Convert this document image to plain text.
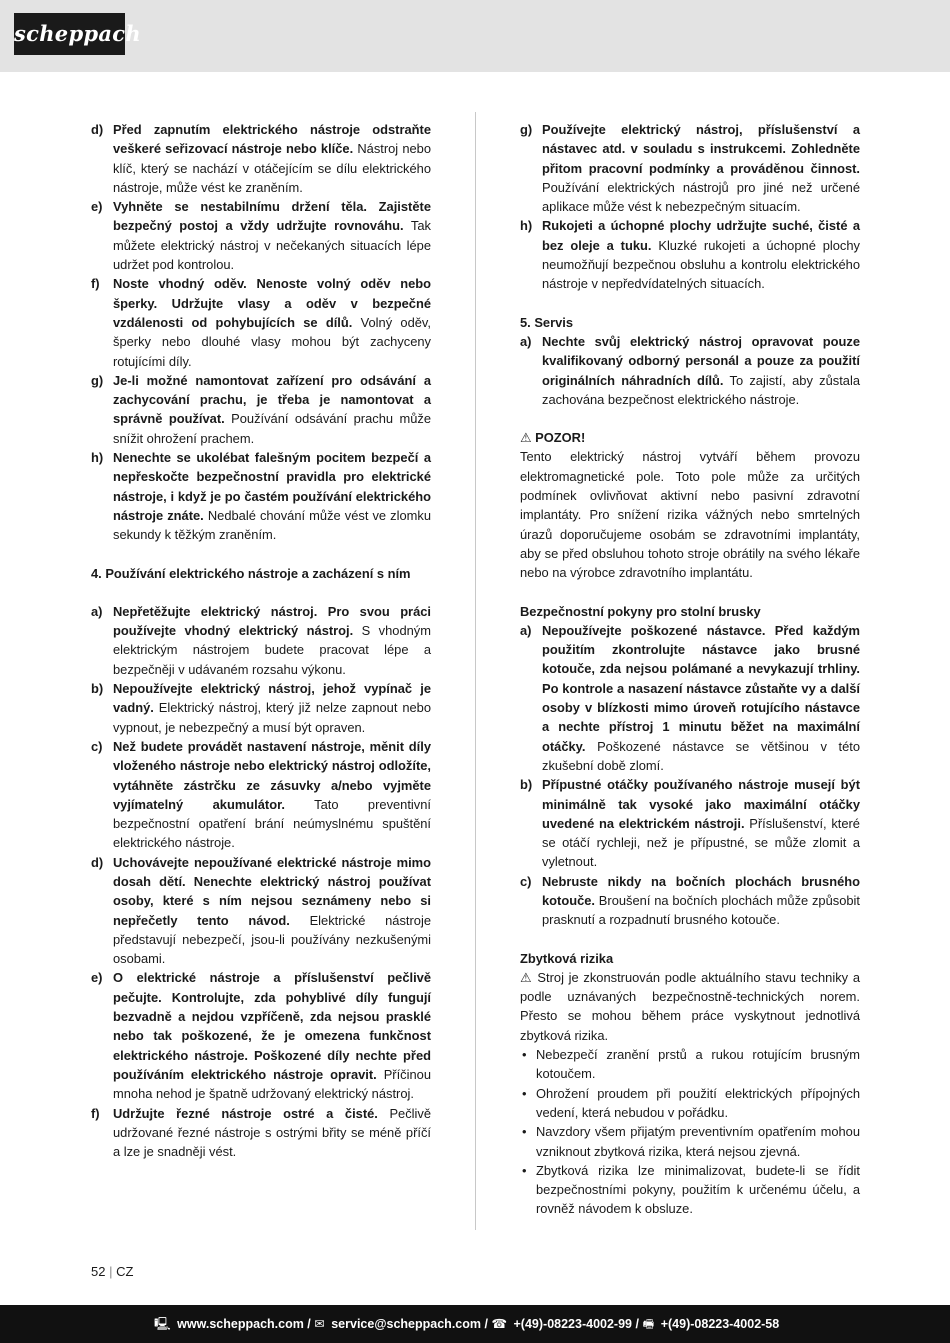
scheppach
d) Před zapnutím elektrického nástroje odstraňte veškeré seřizovací nástroje nebo klíče. Nástroj nebo klíč, který se nachází v otáčejícím se dílu elektrického nástroje, může vést ke zraněním.
e) Vyhněte se nestabilnímu držení těla. Zajistěte bezpečný postoj a vždy udržujte rovnováhu. Tak můžete elektrický nástroj v nečekaných situacích lépe udržet pod kontrolou.
f) Noste vhodný oděv. Nenoste volný oděv nebo šperky. Udržujte vlasy a oděv v bezpečné vzdálenosti od pohybujících se dílů. Volný oděv, šperky nebo dlouhé vlasy mohou být zachyceny rotujícími díly.
g) Je-li možné namontovat zařízení pro odsávání a zachycování prachu, je třeba je namontovat a správně používat. Používání odsávání prachu může snížit ohrožení prachem.
h) Nenechte se ukolébat falešným pocitem bezpečí a nepřeskočte bezpečnostní pravidla pro elektrické nástroje, i když je po častém používání elektrického nástroje znáte. Nedbalé chování může vést ve zlomku sekundy k těžkým zraněním.
4. Používání elektrického nástroje a zacházení s ním
a) Nepřetěžujte elektrický nástroj. Pro svou práci používejte vhodný elektrický nástroj. S vhodným elektrickým nástrojem budete pracovat lépe a bezpečněji v udávaném rozsahu výkonu.
b) Nepoužívejte elektrický nástroj, jehož vypínač je vadný. Elektrický nástroj, který již nelze zapnout nebo vypnout, je nebezpečný a musí být opraven.
c) Než budete provádět nastavení nástroje, měnit díly vloženého nástroje nebo elektrický nástroj odložíte, vytáhněte zástrčku ze zásuvky a/nebo vyjměte vyjímatelný akumulátor. Tato preventivní bezpečnostní opatření brání neúmyslnému spuštění elektrického nástroje.
d) Uchovávejte nepoužívané elektrické nástroje mimo dosah dětí. Nenechte elektrický nástroj používat osoby, které s ním nejsou seznámeny nebo si nepřečetly tento návod. Elektrické nástroje představují nebezpečí, jsou-li používány nezkušenými osobami.
e) O elektrické nástroje a příslušenství pečlivě pečujte. Kontrolujte, zda pohyblivé díly fungují bezvadně a nejdou vzpříčeně, zda nejsou prasklé nebo tak poškozené, že je omezena funkčnost elektrického nástroje. Poškozené díly nechte před používáním elektrického nástroje opravit. Příčinou mnoha nehod je špatně udržovaný elektrický nástroj.
f) Udržujte řezné nástroje ostré a čisté. Pečlivě udržované řezné nástroje s ostrými břity se méně příčí a lze je snadněji vést.
g) Používejte elektrický nástroj, příslušenství a nástavec atd. v souladu s instrukcemi. Zohledněte přitom pracovní podmínky a prováděnou činnost. Používání elektrických nástrojů pro jiné než určené aplikace může vést k nebezpečným situacím.
h) Rukojeti a úchopné plochy udržujte suché, čisté a bez oleje a tuku. Kluzké rukojeti a úchopné plochy neumožňují bezpečnou obsluhu a kontrolu elektrického nástroje v nepředvídatelných situacích.
5. Servis
a) Nechte svůj elektrický nástroj opravovat pouze kvalifikovaný odborný personál a pouze za použití originálních náhradních dílů. To zajistí, aby zůstala zachována bezpečnost elektrického nástroje.
⚠ POZOR!
Tento elektrický nástroj vytváří během provozu elektromagnetické pole. Toto pole může za určitých podmínek ovlivňovat aktivní nebo pasivní zdravotní implantáty. Pro snížení rizika vážných nebo smrtelných úrazů doporučujeme osobám se zdravotními implantáty, aby se před obsluhou tohoto stroje obrátily na svého lékaře nebo na výrobce zdravotního implantátu.
Bezpečnostní pokyny pro stolní brusky
a) Nepoužívejte poškozené nástavce. Před každým použitím zkontrolujte nástavce jako brusné kotouče, zda nejsou polámané a nevykazují trhliny. Po kontrole a nasazení nástavce zůstaňte vy a další osoby v blízkosti mimo úroveň rotujícího nástavce a nechte přístroj 1 minutu běžet na maximální otáčky. Poškozené nástavce se většinou v této zkušební době zlomí.
b) Přípustné otáčky používaného nástroje musejí být minimálně tak vysoké jako maximální otáčky uvedené na elektrickém nástroji. Příslušenství, které se otáčí rychleji, než je přípustné, se může zlomit a vyletnout.
c) Nebruste nikdy na bočních plochách brusného kotouče. Broušení na bočních plochách může způsobit prasknutí a rozpadnutí brusného kotouče.
Zbytková rizika
⚠ Stroj je zkonstruován podle aktuálního stavu techniky a podle uznávaných bezpečnostně-technických norem. Přesto se mohou během práce vyskytnout jednotlivá zbytková rizika.
• Nebezpečí zranění prstů a rukou rotujícím brusným kotoučem.
• Ohrožení proudem při použití elektrických přípojných vedení, která nebudou v pořádku.
• Navzdory všem přijatým preventivním opatřením mohou vzniknout zbytková rizika, která nejsou zjevná.
• Zbytková rizika lze minimalizovat, budete-li se řídit bezpečnostními pokyny, použitím k určenému účelu, a rovněž návodem k obsluze.
52 | CZ
🖳 www.scheppach.com / ✉ service@scheppach.com / ☎ +(49)-08223-4002-99 / 🖷 +(49)-08223-4002-58
